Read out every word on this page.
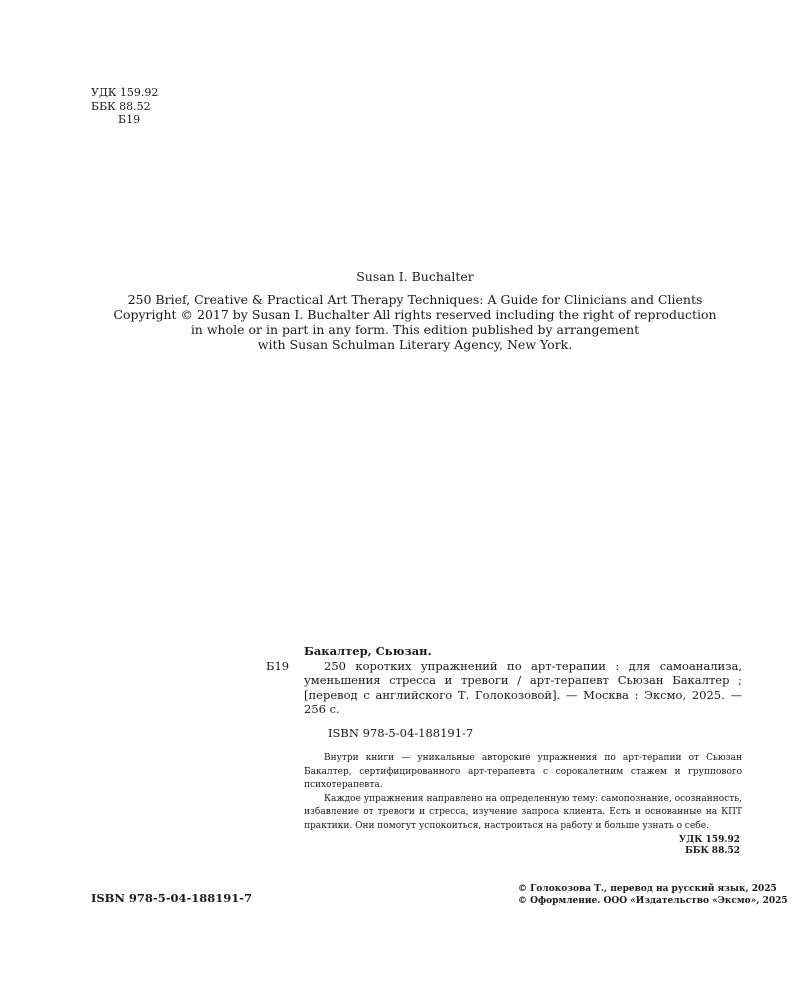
УДК 159.92
ББК 88.52
Б19
Susan I. Buchalter
250 Brief, Creative & Practical Art Therapy Techniques: A Guide for Clinicians and Clients
Copyright © 2017 by Susan I. Buchalter All rights reserved including the right of reproduction
in whole or in part in any form. This edition published by arrangement
with Susan Schulman Literary Agency, New York.
Бакалтер, Сьюзан.
Б19	250 коротких упражнений по арт-терапии : для самоанализа, уменьшения стресса и тревоги / арт-терапевт Сьюзан Бакалтер ; [перевод с английского Т. Голокозовой]. — Москва : Эксмо, 2025. — 256 с.
ISBN 978-5-04-188191-7

Внутри книги — уникальные авторские упражнения по арт-терапии от Сьюзан Бакалтер, сертифицированного арт-терапевта с сорокалетним стажем и группового психотерапевта.

Каждое упражнения направлено на определенную тему: самопознание, осознанность, избавление от тревоги и стресса, изучение запроса клиента. Есть и основанные на КПТ практики. Они помогут успокоиться, настроиться на работу и больше узнать о себе.

УДК 159.92
ББК 88.52
ISBN 978-5-04-188191-7
© Голокозова Т., перевод на русский язык, 2025
© Оформление. ООО «Издательство «Эксмо», 2025
